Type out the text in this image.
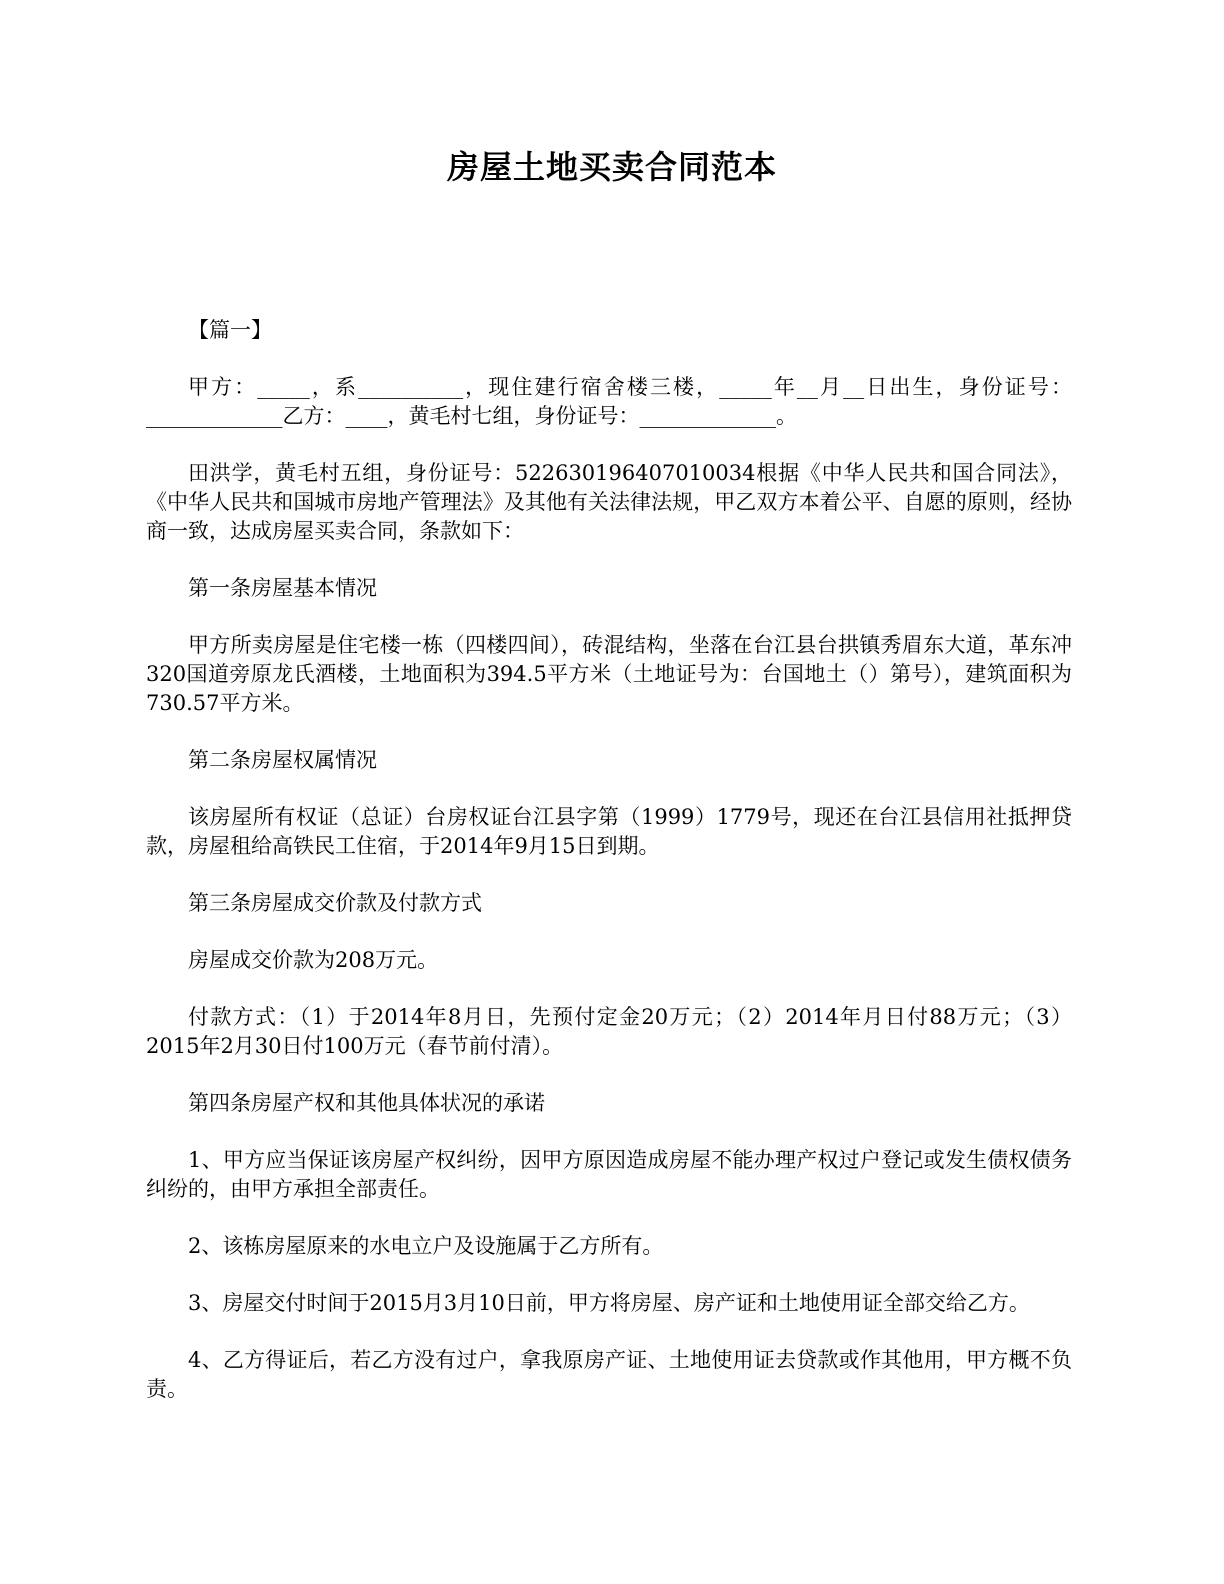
房屋土地买卖合同范本

【篇一】

甲方：_____，系__________，现住建行宿舍楼三楼，_____年__月__日出生，身份证号：_____________乙方：____，黄毛村七组，身份证号：_____________。

田洪学，黄毛村五组，身份证号：522630196407010034根据《中华人民共和国合同法》，《中华人民共和国城市房地产管理法》及其他有关法律法规，甲乙双方本着公平、自愿的原则，经协商一致，达成房屋买卖合同，条款如下：

第一条房屋基本情况

甲方所卖房屋是住宅楼一栋（四楼四间），砖混结构，坐落在台江县台拱镇秀眉东大道，革东冲320国道旁原龙氏酒楼，土地面积为394.5平方米（土地证号为：台国地土（）第号），建筑面积为730.57平方米。

第二条房屋权属情况

该房屋所有权证（总证）台房权证台江县字第（1999）1779号，现还在台江县信用社抵押贷款，房屋租给高铁民工住宿，于2014年9月15日到期。

第三条房屋成交价款及付款方式

房屋成交价款为208万元。

付款方式：（1）于2014年8月日，先预付定金20万元；（2）2014年月日付88万元；（3）2015年2月30日付100万元（春节前付清）。

第四条房屋产权和其他具体状况的承诺

1、甲方应当保证该房屋产权纠纷，因甲方原因造成房屋不能办理产权过户登记或发生债权债务纠纷的，由甲方承担全部责任。

2、该栋房屋原来的水电立户及设施属于乙方所有。

3、房屋交付时间于2015月3月10日前，甲方将房屋、房产证和土地使用证全部交给乙方。

4、乙方得证后，若乙方没有过户，拿我原房产证、土地使用证去贷款或作其他用，甲方概不负责。
